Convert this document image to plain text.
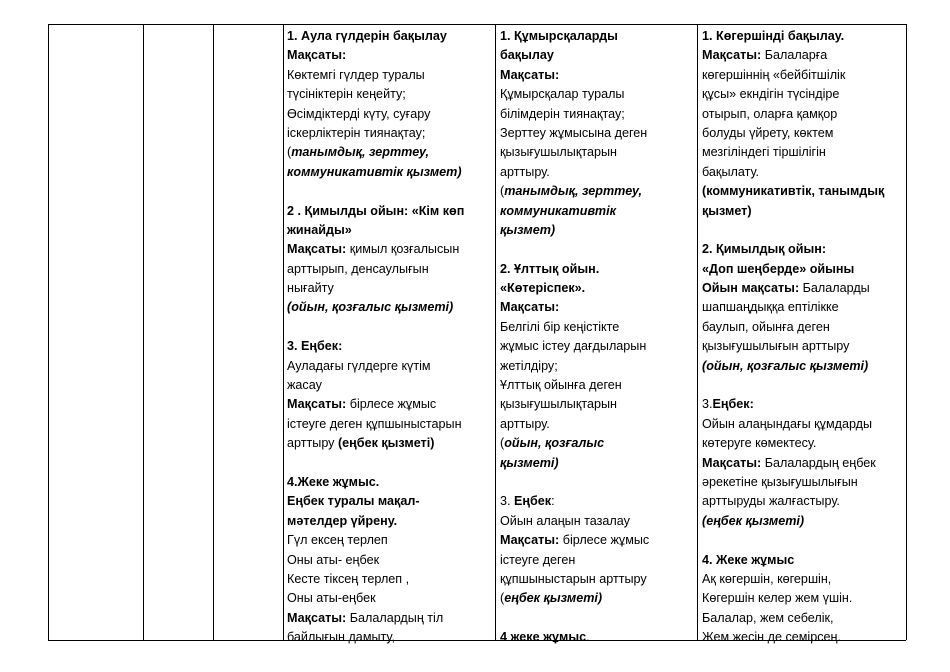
1. Аула гүлдерін бақылау
Мақсаты:
Көктемгі гүлдер туралы
түсініктерін кеңейту;
Өсімдіктерді күту, суғару
іскерліктерін тиянақтау;
(танымдық, зерттеу,
коммуникативтік қызмет)
2 . Қимылды ойын: «Кім көп
жинайды»
Мақсаты: қимыл қозғалысын
арттырып, денсаулығын
нығайту
(ойын, қозғалыс қызметі)
3. Еңбек:
Ауладағы гүлдерге күтім
жасау
Мақсаты: бірлесе жұмыс
істеуге деген құпшыныстарын
арттыру (еңбек қызметі)
4.Жеке жұмыс.
Еңбек туралы мақал-
мәтелдер үйрену.
Гүл ексең терлеп
Оны аты- еңбек
Кесте тіксең терлеп ,
Оны аты-еңбек
Мақсаты: Балалардың тіл
байлығын дамыту,
1. Құмырсқаларды
бақылау
Мақсаты:
Құмырсқалар туралы
білімдерін тиянақтау;
Зерттеу жұмысына деген
қызығушылықтарын
арттыру.
(танымдық, зерттеу,
коммуникативтік
қызмет)
2. Ұлттық ойын.
«Көтеріспек».
Мақсаты:
Белгілі бір кеңістікте
жұмыс істеу дағдыларын
жетілдіру;
Ұлттық ойынға деген
қызығушылықтарын
арттыру.
(ойын, қозғалыс
қызметі)
3. Еңбек:
Ойын алаңын тазалау
Мақсаты: бірлесе жұмыс
істеуге деген
құпшыныстарын арттыру
(еңбек қызметі)
4 жеке жұмыс.
1. Көгершінді бақылау.
Мақсаты: Балаларға
көгершіннің «бейбітшілік
құсы» екндігін түсіндіре
отырып, оларға қамқор
болуды үйрету, көктем
мезгіліндегі тіршілігін
бақылату.
(коммуникативтік, танымдық
қызмет)
2. Қимылдық ойын:
«Доп шеңберде» ойыны
Ойын мақсаты: Балаларды
шапшаңдыққа ептілікке
баулып, ойынға деген
қызығушылығын арттыру
(ойын, қозғалыс қызметі)
3.Еңбек:
Ойын алаңындағы құмдарды
көтеруге көмектесу.
Мақсаты: Балалардың еңбек
әрекетіне қызығушылығын
арттыруды жалғастыру.
(еңбек қызметі)
4. Жеке жұмыс
Ақ көгершін, көгершін,
Көгершін келер жем үшін.
Балалар, жем себелік,
Жем жесін де семірсең.
